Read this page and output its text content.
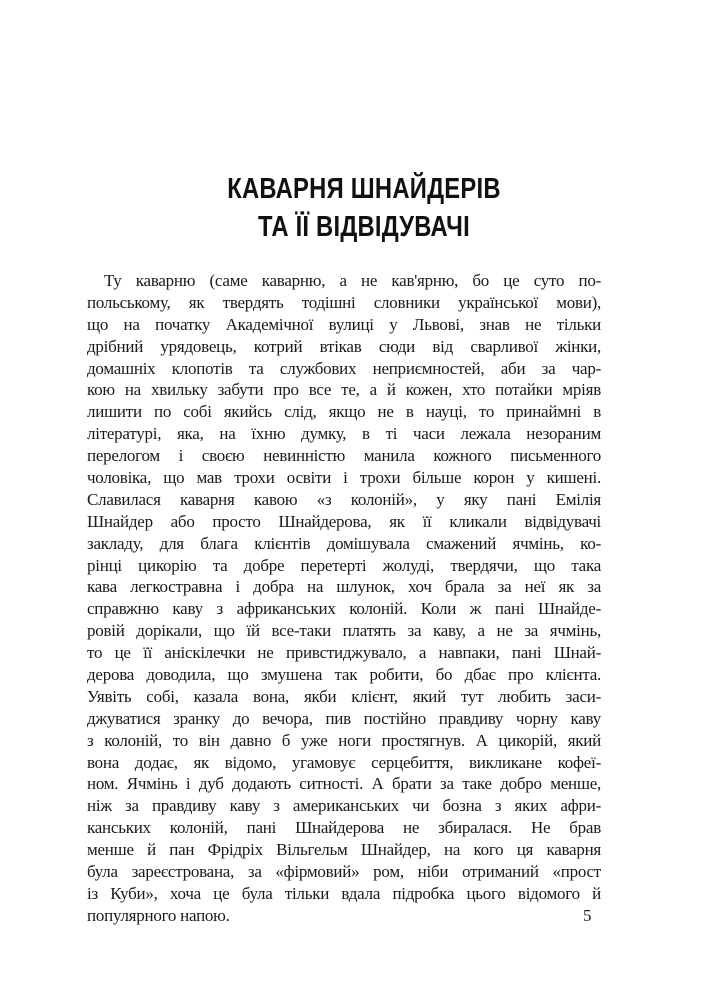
КАВАРНЯ ШНАЙДЕРІВ
ТА ЇЇ ВІДВІДУВАЧІ
Ту каварню (саме каварню, а не кав'ярню, бо це суто по-
польському, як твердять тодішні словники української мови),
що на початку Академічної вулиці у Львові, знав не тільки
дрібний урядовець, котрий втікав сюди від сварливої жінки,
домашніх клопотів та службових неприємностей, аби за чар-
кою на хвильку забути про все те, а й кожен, хто потайки мріяв
лишити по собі якийсь слід, якщо не в науці, то принаймні в
літературі, яка, на їхню думку, в ті часи лежала незораним
перелогом і своєю невинністю манила кожного письменного
чоловіка, що мав трохи освіти і трохи більше корон у кишені.
Славилася каварня кавою «з колоній», у яку пані Емілія
Шнайдер або просто Шнайдерова, як її кликали відвідувачі
закладу, для блага клієнтів домішувала смажений ячмінь, ко-
рінці цикорію та добре перетерті жолуді, твердячи, що така
кава легкостравна і добра на шлунок, хоч брала за неї як за
справжню каву з африканських колоній. Коли ж пані Шнайде-
ровій дорікали, що їй все-таки платять за каву, а не за ячмінь,
то це її аніскілечки не привстиджувало, а навпаки, пані Шнай-
дерова доводила, що змушена так робити, бо дбає про клієнта.
Уявіть собі, казала вона, якби клієнт, який тут любить заси-
джуватися зранку до вечора, пив постійно правдиву чорну каву
з колоній, то він давно б уже ноги простягнув. А цикорій, який
вона додає, як відомо, угамовує серцебиття, викликане кофеї-
ном. Ячмінь і дуб додають ситності. А брати за таке добро менше,
ніж за правдиву каву з американських чи бозна з яких афри-
канських колоній, пані Шнайдерова не збиралася. Не брав
менше й пан Фрідріх Вільгельм Шнайдер, на кого ця каварня
була зареєстрована, за «фірмовий» ром, ніби отриманий «прост
із Куби», хоча це була тільки вдала підробка цього відомого й
популярного напою.	5
